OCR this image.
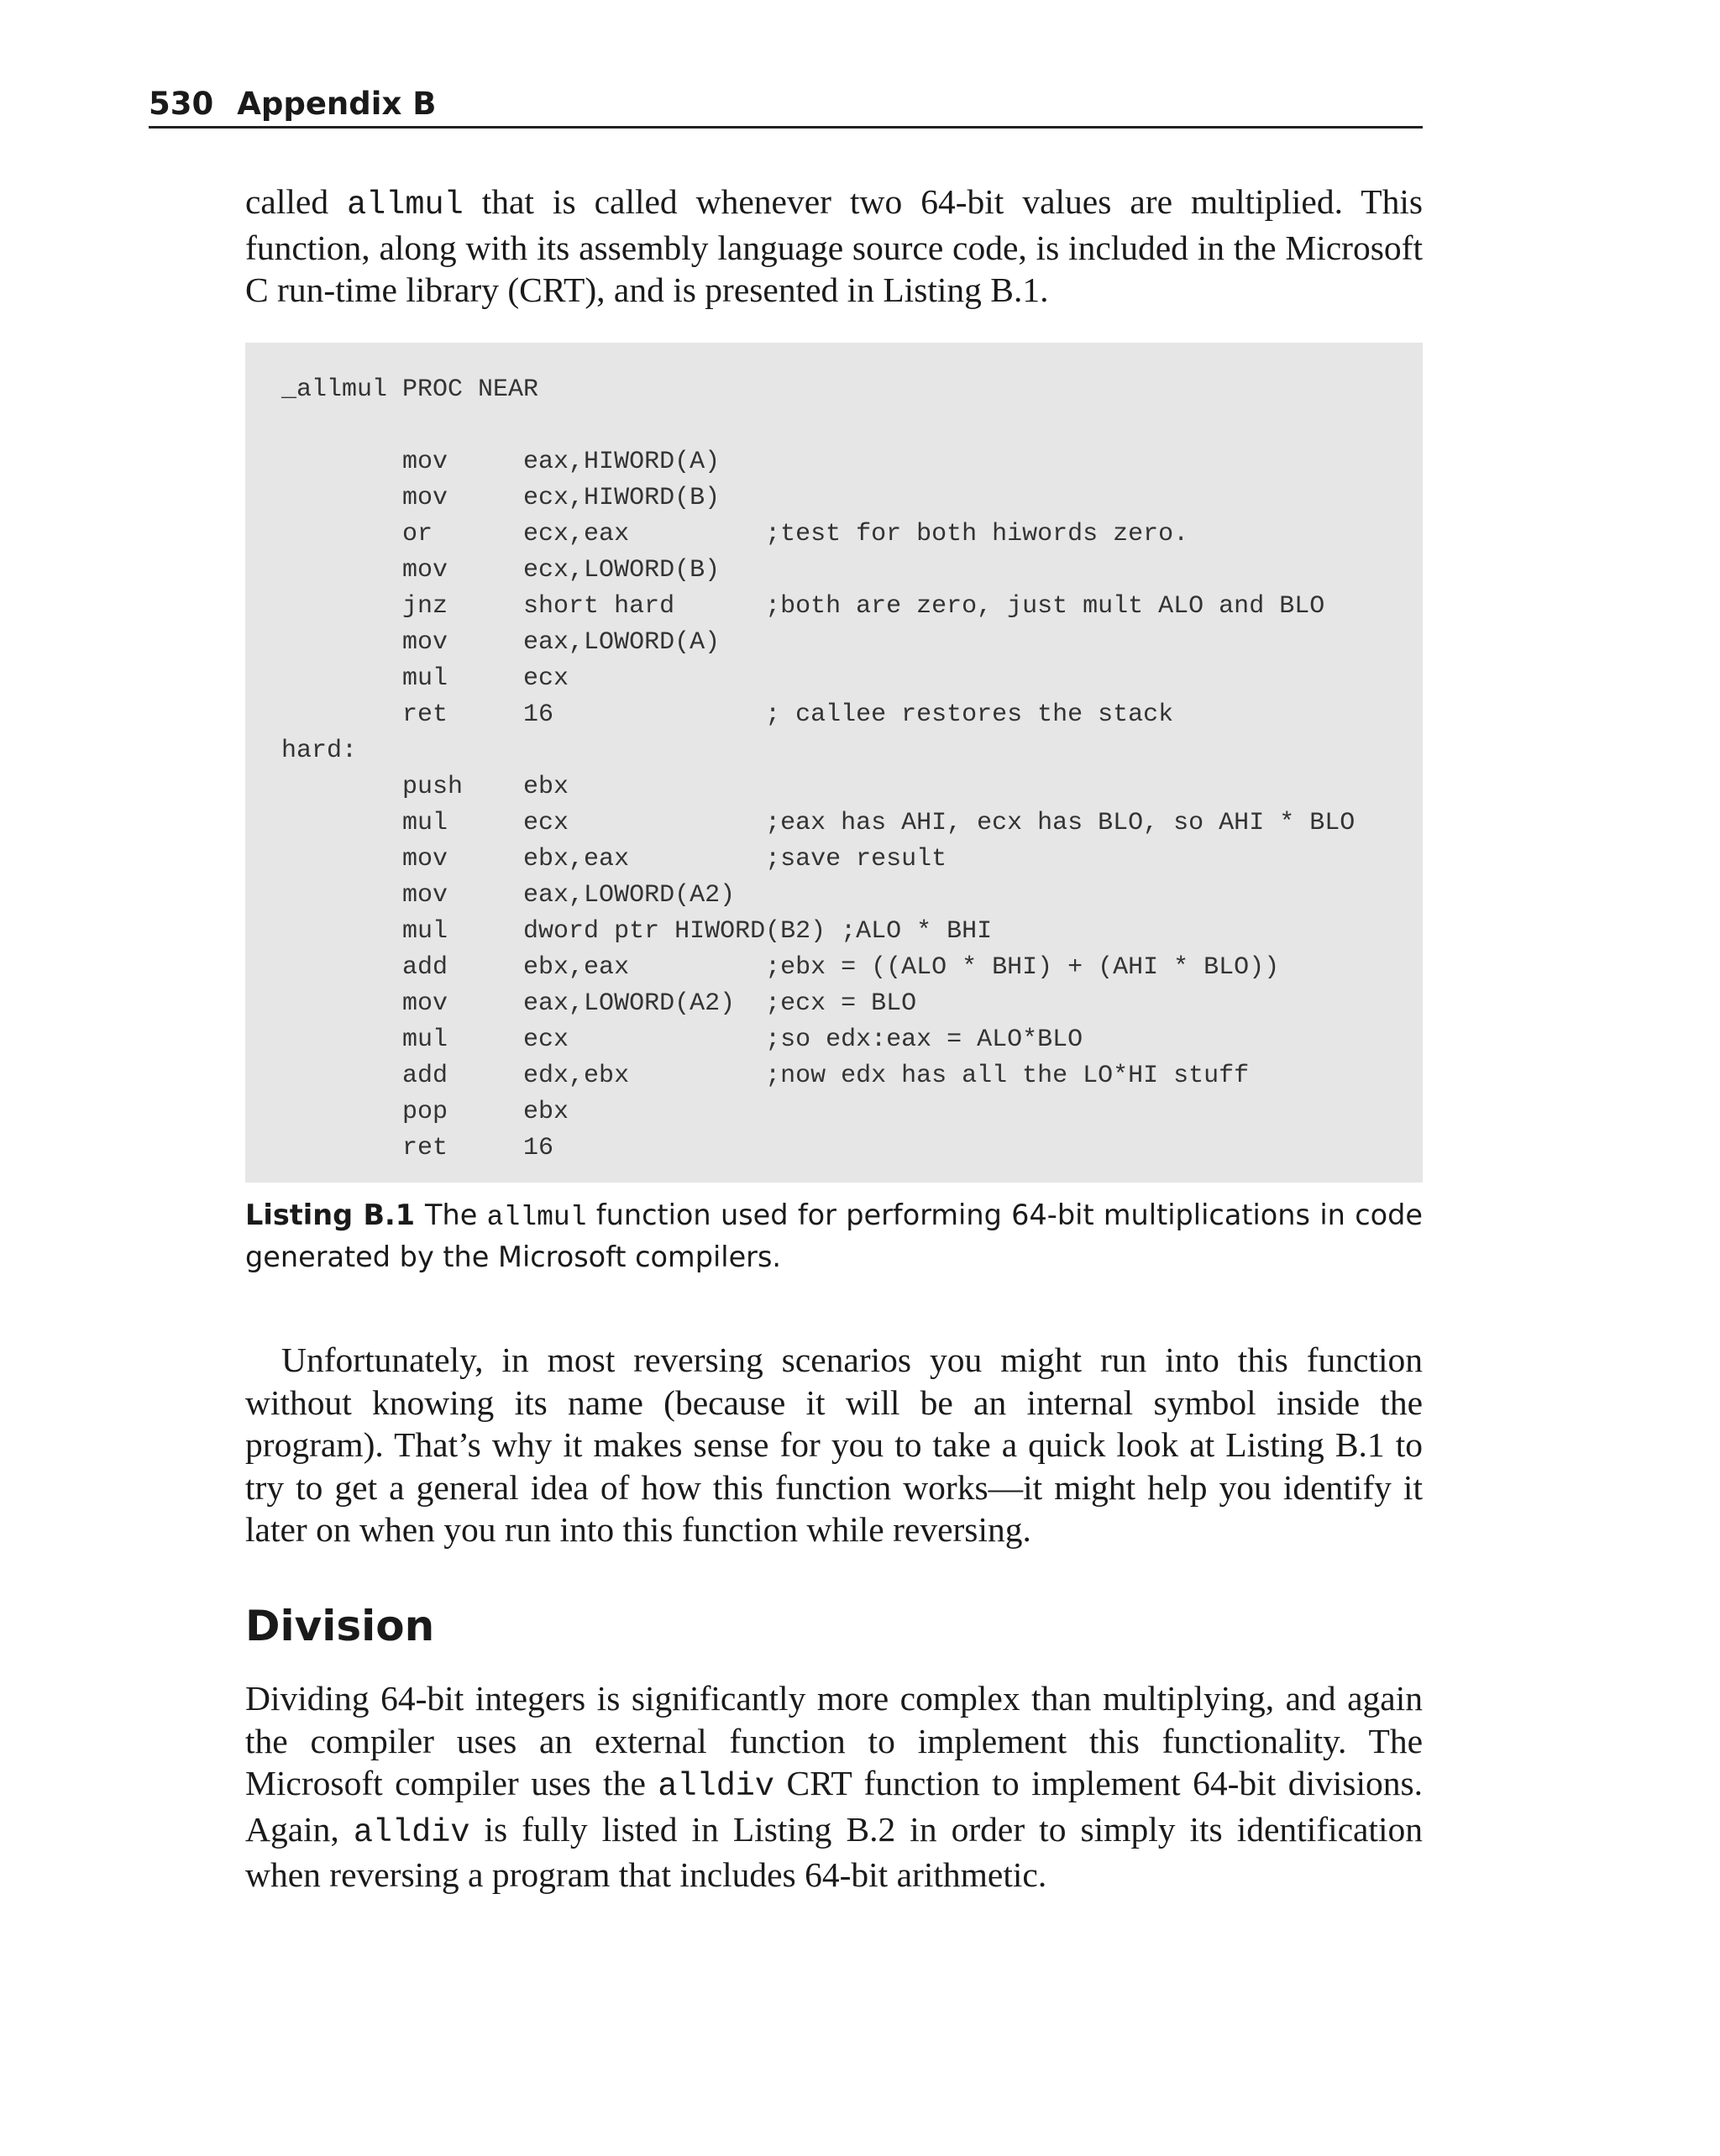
530 Appendix B

called allmul that is called whenever two 64-bit values are multiplied. This function, along with its assembly language source code, is included in the Microsoft C run-time library (CRT), and is presented in Listing B.1.

_allmul PROC NEAR
mov     eax,HIWORD(A)
mov     ecx,HIWORD(B)
or      ecx,eax         ;test for both hiwords zero.
mov     ecx,LOWORD(B)
jnz     short hard      ;both are zero, just mult ALO and BLO
mov     eax,LOWORD(A)
mul     ecx
ret     16              ; callee restores the stack
hard:
push    ebx
mul     ecx             ;eax has AHI, ecx has BLO, so AHI * BLO
mov     ebx,eax         ;save result
mov     eax,LOWORD(A2)
mul     dword ptr HIWORD(B2) ;ALO * BHI
add     ebx,eax         ;ebx = ((ALO * BHI) + (AHI * BLO))
mov     eax,LOWORD(A2)  ;ecx = BLO
mul     ecx             ;so edx:eax = ALO*BLO
add     edx,ebx         ;now edx has all the LO*HI stuff
pop     ebx
ret     16

Listing B.1 The allmul function used for performing 64-bit multiplications in code generated by the Microsoft compilers.

Unfortunately, in most reversing scenarios you might run into this function without knowing its name (because it will be an internal symbol inside the program). That’s why it makes sense for you to take a quick look at Listing B.1 to try to get a general idea of how this function works—it might help you identify it later on when you run into this function while reversing.

Division

Dividing 64-bit integers is significantly more complex than multiplying, and again the compiler uses an external function to implement this functionality. The Microsoft compiler uses the alldiv CRT function to implement 64-bit divisions. Again, alldiv is fully listed in Listing B.2 in order to simply its identification when reversing a program that includes 64-bit arithmetic.
